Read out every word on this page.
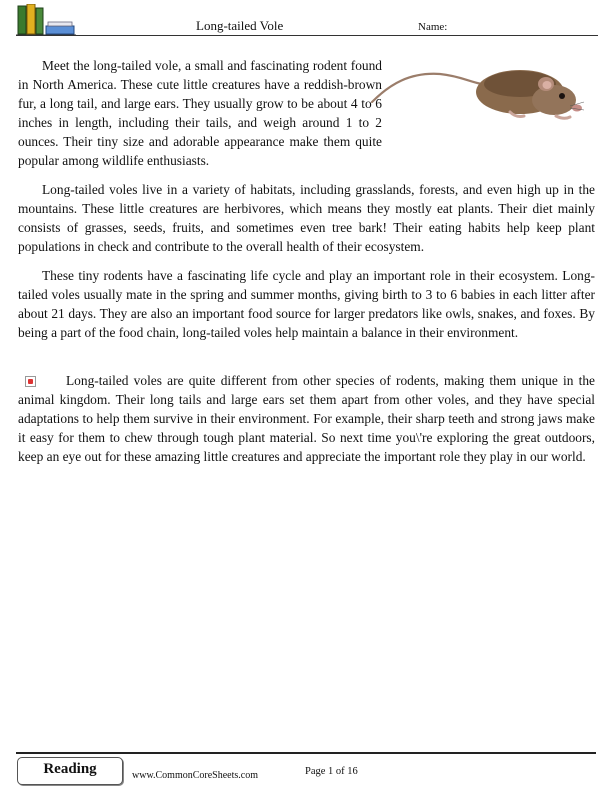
Long-tailed Vole	Name:

Meet the long-tailed vole, a small and fascinating rodent found in North America. These cute little creatures have a reddish-brown fur, a long tail, and large ears. They usually grow to be about 4 to 6 inches in length, including their tails, and weigh around 1 to 2 ounces. Their tiny size and adorable appearance make them quite popular among wildlife enthusiasts.

Long-tailed voles live in a variety of habitats, including grasslands, forests, and even high up in the mountains. These little creatures are herbivores, which means they mostly eat plants. Their diet mainly consists of grasses, seeds, fruits, and sometimes even tree bark! Their eating habits help keep plant populations in check and contribute to the overall health of their ecosystem.

These tiny rodents have a fascinating life cycle and play an important role in their ecosystem. Long-tailed voles usually mate in the spring and summer months, giving birth to 3 to 6 babies in each litter after about 21 days. They are also an important food source for larger predators like owls, snakes, and foxes. By being a part of the food chain, long-tailed voles help maintain a balance in their environment.

Long-tailed voles are quite different from other species of rodents, making them unique in the animal kingdom. Their long tails and large ears set them apart from other voles, and they have special adaptations to help them survive in their environment. For example, their sharp teeth and strong jaws make it easy for them to chew through tough plant material. So next time you\'re exploring the great outdoors, keep an eye out for these amazing little creatures and appreciate the important role they play in our world.

Reading	www.CommonCoreSheets.com	Page 1 of 16
